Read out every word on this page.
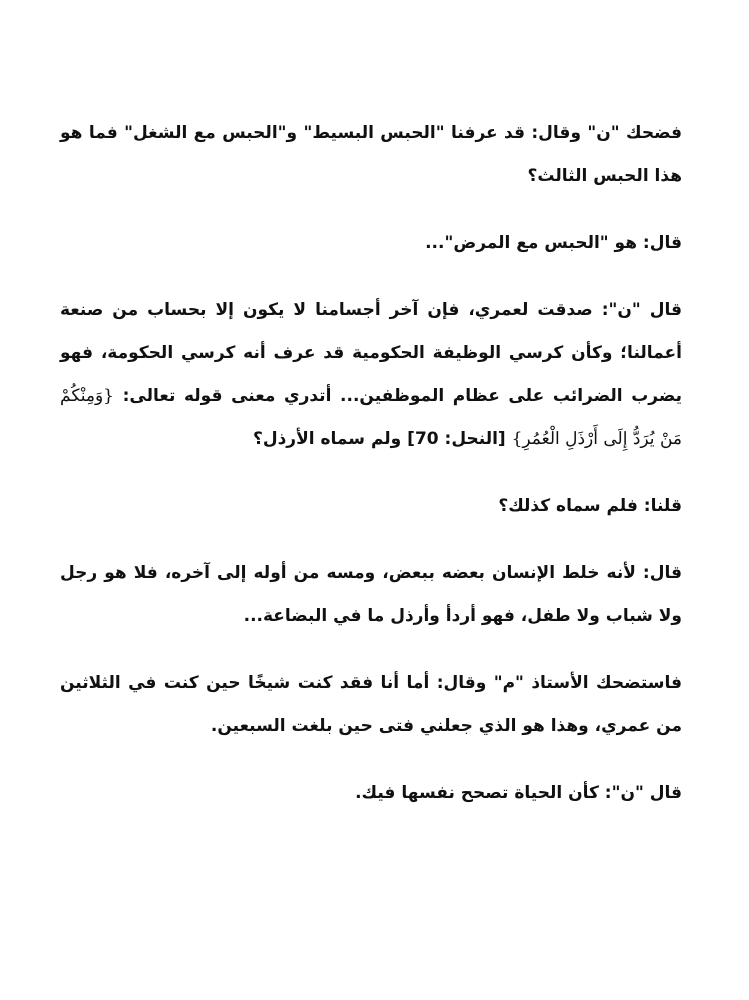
فضحك "ن" وقال: قد عرفنا "الحبس البسيط" و"الحبس مع الشغل" فما هو هذا الحبس الثالث؟

قال: هو "الحبس مع المرض"...

قال "ن": صدقت لعمري، فإن آخر أجسامنا لا يكون إلا بحساب من صنعة أعمالنا؛ وكأن كرسي الوظيفة الحكومية قد عرف أنه كرسي الحكومة، فهو يضرب الضرائب على عظام الموظفين... أتدري معنى قوله تعالى: {وَمِنْكُمْ مَنْ يُرَدُّ إِلَى أَرْذَلِ الْعُمُرِ} [النحل: 70] ولم سماه الأرذل؟

قلنا: فلم سماه كذلك؟

قال: لأنه خلط الإنسان بعضه ببعض، ومسه من أوله إلى آخره، فلا هو رجل ولا شباب ولا طفل، فهو أردأ وأرذل ما في البضاعة...

فاستضحك الأستاذ "م" وقال: أما أنا فقد كنت شيخًا حين كنت في الثلاثين من عمري، وهذا هو الذي جعلني فتى حين بلغت السبعين.

قال "ن": كأن الحياة تصحح نفسها فيك.
